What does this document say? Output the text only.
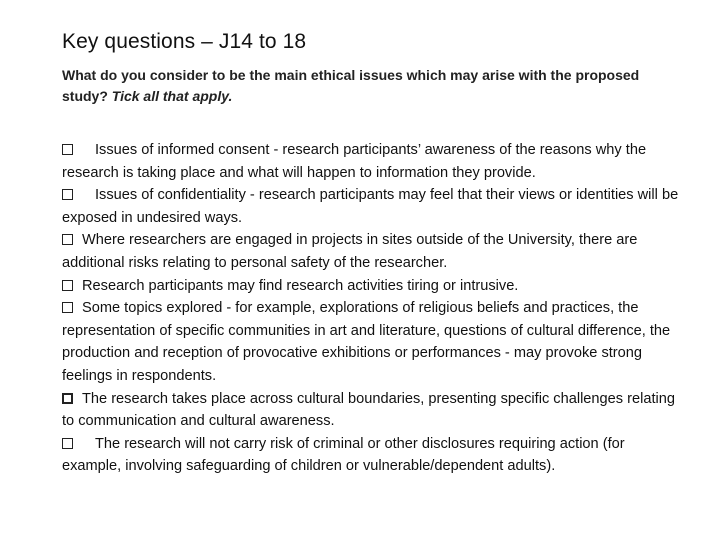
Key questions – J14 to 18
What do you consider to be the main ethical issues which may arise with the proposed study? Tick all that apply.
Issues of informed consent - research participants’ awareness of the reasons why the research is taking place and what will happen to information they provide.
Issues of confidentiality - research participants may feel that their views or identities will be exposed in undesired ways.
Where researchers are engaged in projects in sites outside of the University, there are additional risks relating to personal safety of the researcher.
Research participants may find research activities tiring or intrusive.
Some topics explored - for example, explorations of religious beliefs and practices, the representation of specific communities in art and literature, questions of cultural difference, the production and reception of provocative exhibitions or performances - may provoke strong feelings in respondents.
The research takes place across cultural boundaries, presenting specific challenges relating to communication and cultural awareness.
The research will not carry risk of criminal or other disclosures requiring action (for example, involving safeguarding of children or vulnerable/dependent adults).
